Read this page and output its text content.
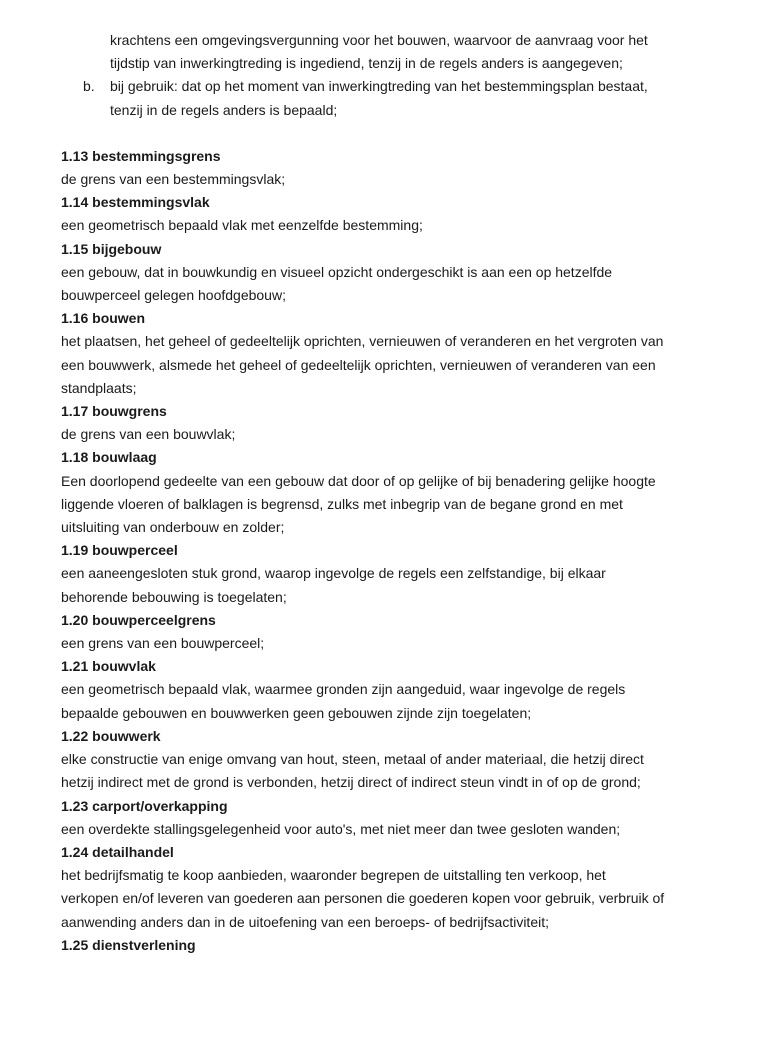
krachtens een omgevingsvergunning voor het bouwen, waarvoor de aanvraag voor het
tijdstip van inwerkingtreding is ingediend, tenzij in de regels anders is aangegeven;
b. bij gebruik: dat op het moment van inwerkingtreding van het bestemmingsplan bestaat,
tenzij in de regels anders is bepaald;
1.13 bestemmingsgrens
de grens van een bestemmingsvlak;
1.14 bestemmingsvlak
een geometrisch bepaald vlak met eenzelfde bestemming;
1.15 bijgebouw
een gebouw, dat in bouwkundig en visueel opzicht ondergeschikt is aan een op hetzelfde
bouwperceel gelegen hoofdgebouw;
1.16 bouwen
het plaatsen, het geheel of gedeeltelijk oprichten, vernieuwen of veranderen en het vergroten van
een bouwwerk, alsmede het geheel of gedeeltelijk oprichten, vernieuwen of veranderen van een
standplaats;
1.17 bouwgrens
de grens van een bouwvlak;
1.18 bouwlaag
Een doorlopend gedeelte van een gebouw dat door of op gelijke of bij benadering gelijke hoogte
liggende vloeren of balklagen is begrensd, zulks met inbegrip van de begane grond en met
uitsluiting van onderbouw en zolder;
1.19 bouwperceel
een aaneengesloten stuk grond, waarop ingevolge de regels een zelfstandige, bij elkaar
behorende bebouwing is toegelaten;
1.20 bouwperceelgrens
een grens van een bouwperceel;
1.21 bouwvlak
een geometrisch bepaald vlak, waarmee gronden zijn aangeduid, waar ingevolge de regels
bepaalde gebouwen en bouwwerken geen gebouwen zijnde zijn toegelaten;
1.22 bouwwerk
elke constructie van enige omvang van hout, steen, metaal of ander materiaal, die hetzij direct
hetzij indirect met de grond is verbonden, hetzij direct of indirect steun vindt in of op de grond;
1.23 carport/overkapping
een overdekte stallingsgelegenheid voor auto's, met niet meer dan twee gesloten wanden;
1.24 detailhandel
het bedrijfsmatig te koop aanbieden, waaronder begrepen de uitstalling ten verkoop, het
verkopen en/of leveren van goederen aan personen die goederen kopen voor gebruik, verbruik of
aanwending anders dan in de uitoefening van een beroeps- of bedrijfsactiviteit;
1.25 dienstverlening
